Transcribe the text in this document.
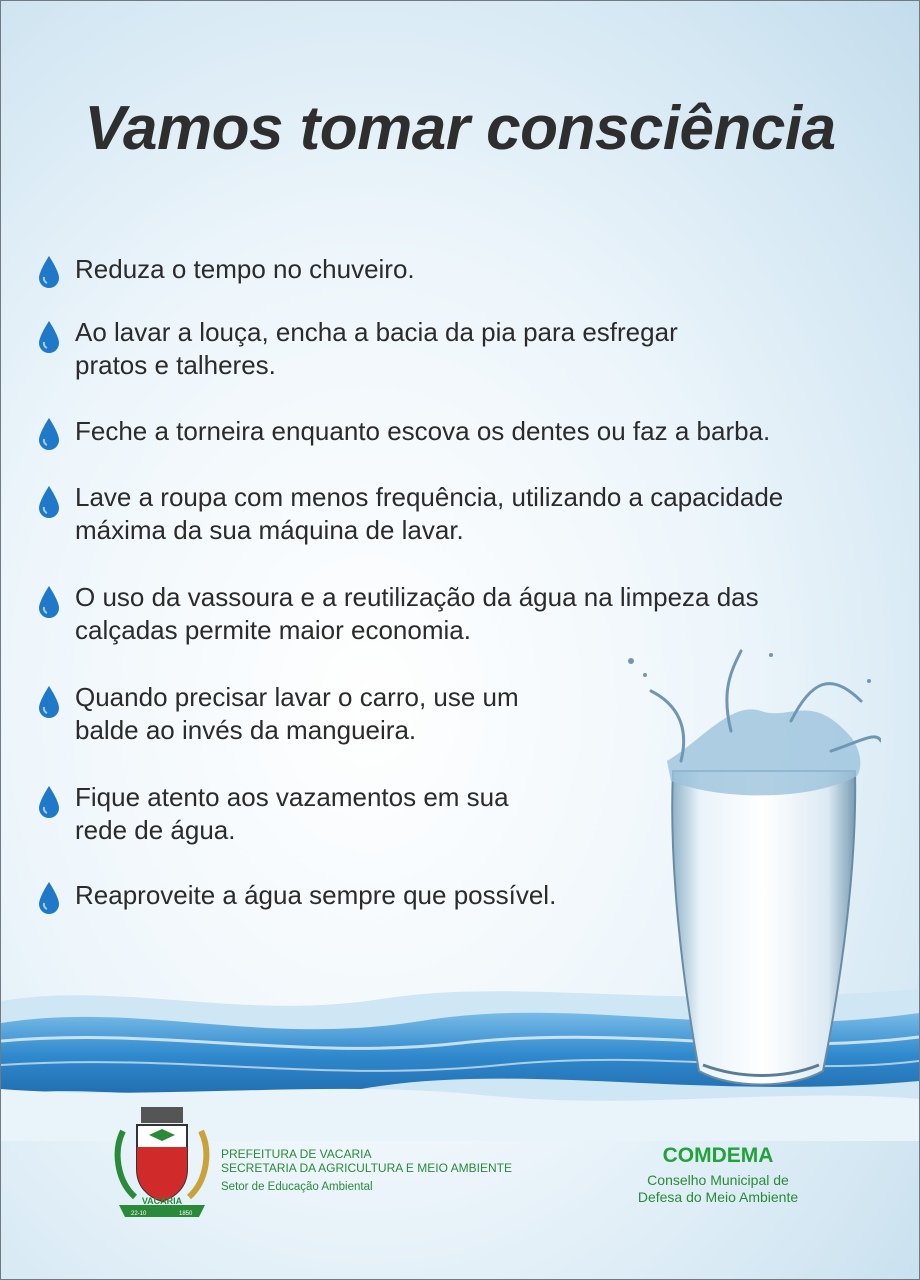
Vamos tomar consciência
Reduza o tempo no chuveiro.
Ao lavar a louça, encha a bacia da pia para esfregar
pratos e talheres.
Feche a torneira enquanto escova os dentes ou faz a barba.
Lave a roupa com menos frequência, utilizando a capacidade
máxima da sua máquina de lavar.
O uso da vassoura e a reutilização da água na limpeza das
calçadas permite maior economia.
Quando precisar lavar o carro, use um
balde ao invés da mangueira.
Fique atento aos vazamentos em sua
rede de água.
Reaproveite a água sempre que possível.
VACARIA
22-10	1850
PREFEITURA DE VACARIA
SECRETARIA DA AGRICULTURA E MEIO AMBIENTE
Setor de Educação Ambiental
COMDEMA
Conselho Municipal de
Defesa do Meio Ambiente
